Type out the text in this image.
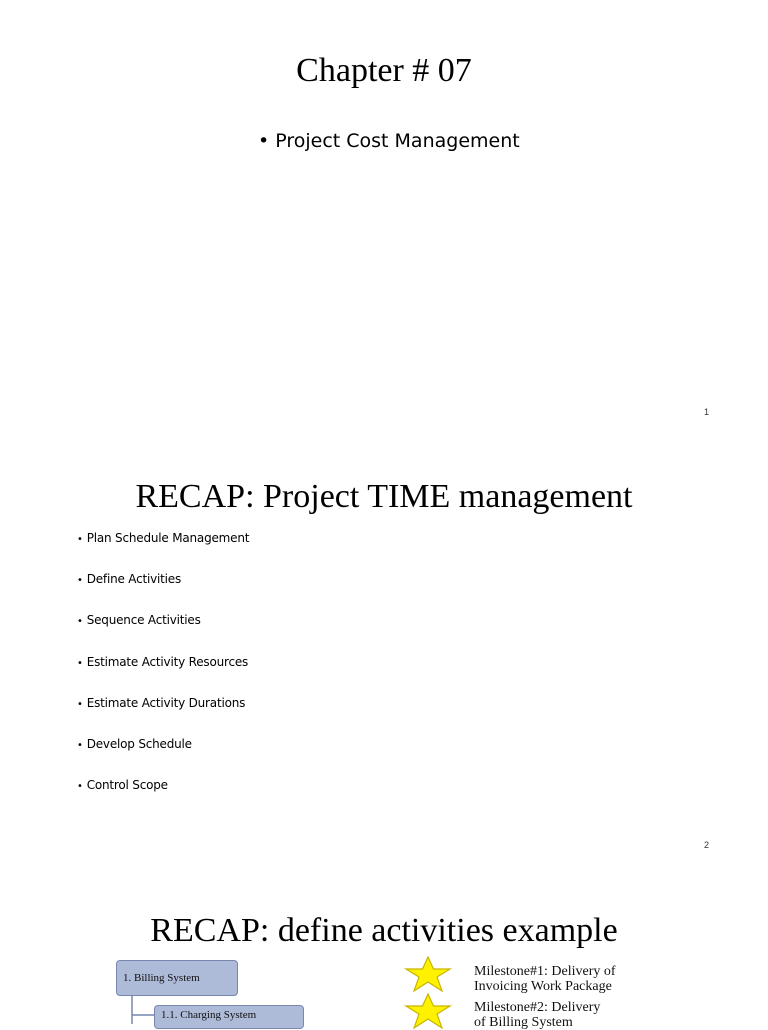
Chapter # 07
• Project Cost Management
1
RECAP: Project TIME management
• Plan Schedule Management
• Define Activities
• Sequence Activities
• Estimate Activity Resources
• Estimate Activity Durations
• Develop Schedule
• Control Scope
2
RECAP: define activities example
1. Billing System
1.1. Charging System
Milestone#1: Delivery of
Invoicing Work Package
Milestone#2: Delivery
of Billing System
